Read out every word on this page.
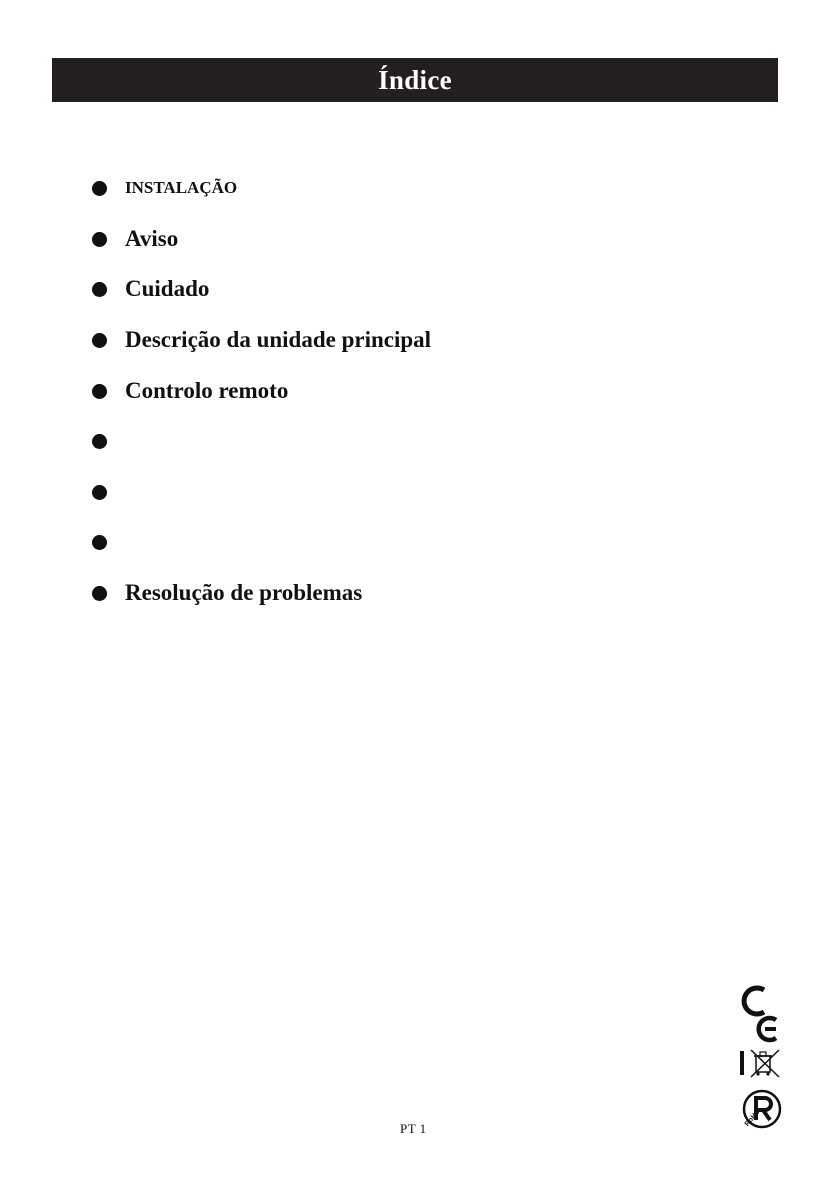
Índice
INSTALAÇÃO
Aviso
Cuidado
Descrição da unidade principal
Controlo remoto
Resolução de problemas
PT 1
RoHS
